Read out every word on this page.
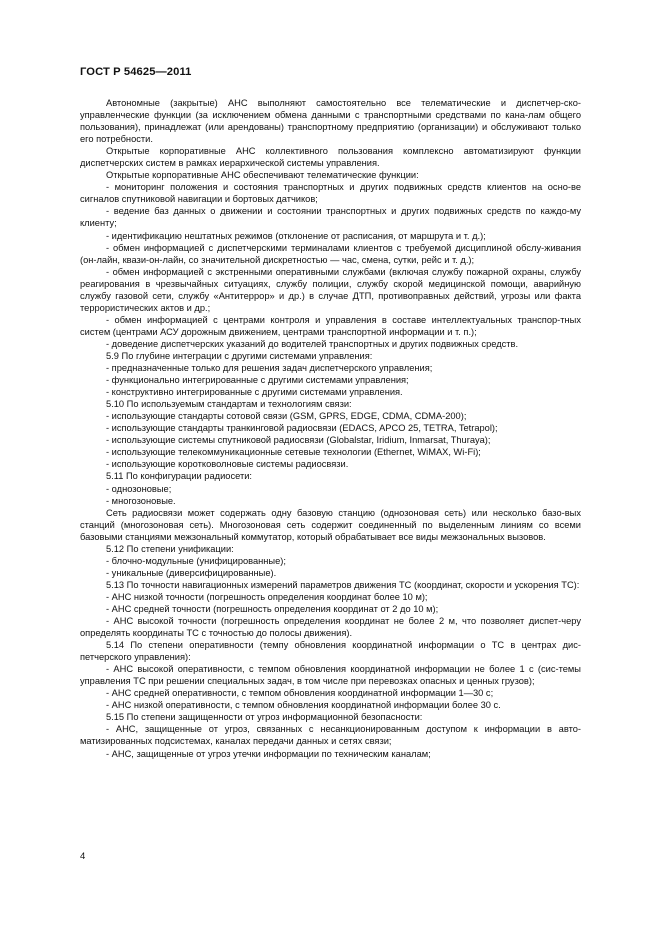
ГОСТ Р 54625—2011

Автономные (закрытые) АНС выполняют самостоятельно все телематические и диспетчер-ско-управленческие функции (за исключением обмена данными с транспортными средствами по кана-лам общего пользования), принадлежат (или арендованы) транспортному предприятию (организации) и обслуживают только его потребности.

Открытые корпоративные АНС коллективного пользования комплексно автоматизируют функции диспетчерских систем в рамках иерархической системы управления.

Открытые корпоративные АНС обеспечивают телематические функции:

- мониторинг положения и состояния транспортных и других подвижных средств клиентов на осно-ве сигналов спутниковой навигации и бортовых датчиков;

- ведение баз данных о движении и состоянии транспортных и других подвижных средств по каждо-му клиенту;

- идентификацию нештатных режимов (отклонение от расписания, от маршрута и т. д.);

- обмен информацией с диспетчерскими терминалами клиентов с требуемой дисциплиной обслу-живания (он-лайн, квази-он-лайн, со значительной дискретностью — час, смена, сутки, рейс и т. д.);

- обмен информацией с экстренными оперативными службами (включая службу пожарной охраны, службу реагирования в чрезвычайных ситуациях, службу полиции, службу скорой медицинской помощи, аварийную службу газовой сети, службу «Антитеррор» и др.) в случае ДТП, противоправных действий, угрозы или факта террористических актов и др.;

- обмен информацией с центрами контроля и управления в составе интеллектуальных транспор-тных систем (центрами АСУ дорожным движением, центрами транспортной информации и т. п.);

- доведение диспетчерских указаний до водителей транспортных и других подвижных средств.

5.9 По глубине интеграции с другими системами управления:

- предназначенные только для решения задач диспетчерского управления;

- функционально интегрированные с другими системами управления;

- конструктивно интегрированные с другими системами управления.

5.10 По используемым стандартам и технологиям связи:

- использующие стандарты сотовой связи (GSM, GPRS, EDGE, CDMA, CDMA-200);

- использующие стандарты транкинговой радиосвязи (EDACS, APCO 25, TETRA, Tetrapol);

- использующие системы спутниковой радиосвязи (Globalstar, Iridium, Inmarsat, Thuraya);

- использующие телекоммуникационные сетевые технологии (Ethernet, WiMAX, Wi-Fi);

- использующие коротковолновые системы радиосвязи.

5.11 По конфигурации радиосети:

- однозоновые;

- многозоновые.

Сеть радиосвязи может содержать одну базовую станцию (однозоновая сеть) или несколько базо-вых станций (многозоновая сеть). Многозоновая сеть содержит соединенный по выделенным линиям со всеми базовыми станциями межзональный коммутатор, который обрабатывает все виды межзональных вызовов.

5.12 По степени унификации:

- блочно-модульные (унифицированные);

- уникальные (диверсифицированные).

5.13 По точности навигационных измерений параметров движения ТС (координат, скорости и ускорения ТС):

- АНС низкой точности (погрешность определения координат более 10 м);

- АНС средней точности (погрешность определения координат от 2 до 10 м);

- АНС высокой точности (погрешность определения координат не более 2 м, что позволяет диспет-черу определять координаты ТС с точностью до полосы движения).

5.14 По степени оперативности (темпу обновления координатной информации о ТС в центрах дис-петчерского управления):

- АНС высокой оперативности, с темпом обновления координатной информации не более 1 с (сис-темы управления ТС при решении специальных задач, в том числе при перевозках опасных и ценных грузов);

- АНС средней оперативности, с темпом обновления координатной информации 1—30 с;

- АНС низкой оперативности, с темпом обновления координатной информации более 30 с.

5.15 По степени защищенности от угроз информационной безопасности:

- АНС, защищенные от угроз, связанных с несанкционированным доступом к информации в авто-матизированных подсистемах, каналах передачи данных и сетях связи;

- АНС, защищенные от угроз утечки информации по техническим каналам;

4
